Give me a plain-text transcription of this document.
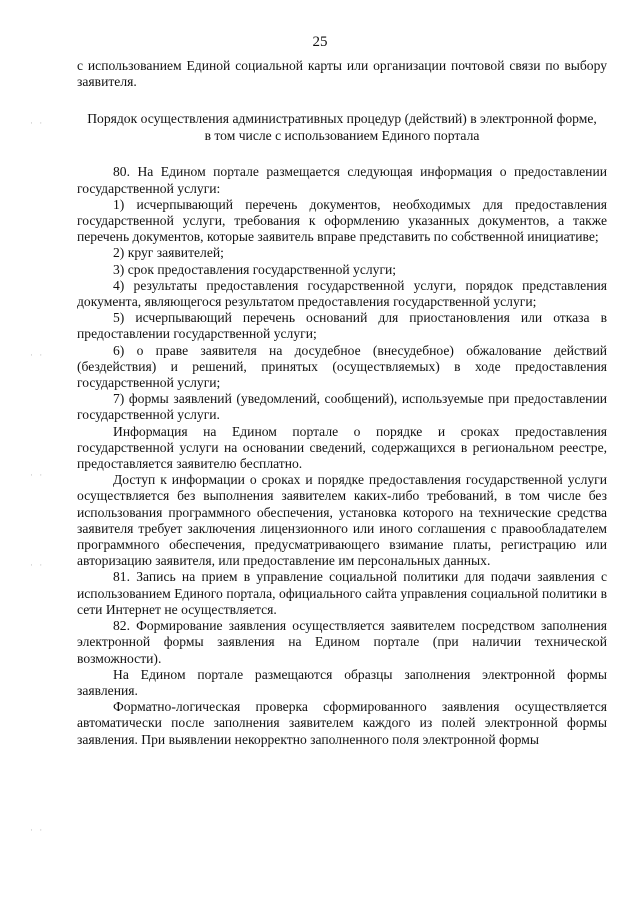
25
· ·
· ·
· ·
· ·
· ·

с использованием Единой социальной карты или организации почтовой связи по выбору заявителя.

Порядок осуществления административных процедур (действий) в электронной форме, в том числе с использованием Единого портала

80. На Едином портале размещается следующая информация о предоставлении государственной услуги:

1) исчерпывающий перечень документов, необходимых для предоставления государственной услуги, требования к оформлению указанных документов, а также перечень документов, которые заявитель вправе представить по собственной инициативе;

2) круг заявителей;

3) срок предоставления государственной услуги;

4) результаты предоставления государственной услуги, порядок представления документа, являющегося результатом предоставления государственной услуги;

5) исчерпывающий перечень оснований для приостановления или отказа в предоставлении государственной услуги;

6) о праве заявителя на досудебное (внесудебное) обжалование действий (бездействия) и решений, принятых (осуществляемых) в ходе предоставления государственной услуги;

7) формы заявлений (уведомлений, сообщений), используемые при предоставлении государственной услуги.

Информация на Едином портале о порядке и сроках предоставления государственной услуги на основании сведений, содержащихся в региональном реестре, предоставляется заявителю бесплатно.

Доступ к информации о сроках и порядке предоставления государственной услуги осуществляется без выполнения заявителем каких-либо требований, в том числе без использования программного обеспечения, установка которого на технические средства заявителя требует заключения лицензионного или иного соглашения с правообладателем программного обеспечения, предусматривающего взимание платы, регистрацию или авторизацию заявителя, или предоставление им персональных данных.

81. Запись на прием в управление социальной политики для подачи заявления с использованием Единого портала, официального сайта управления социальной политики в сети Интернет не осуществляется.

82. Формирование заявления осуществляется заявителем посредством заполнения электронной формы заявления на Едином портале (при наличии технической возможности).

На Едином портале размещаются образцы заполнения электронной формы заявления.

Форматно-логическая проверка сформированного заявления осуществляется автоматически после заполнения заявителем каждого из полей электронной формы заявления. При выявлении некорректно заполненного поля электронной формы
